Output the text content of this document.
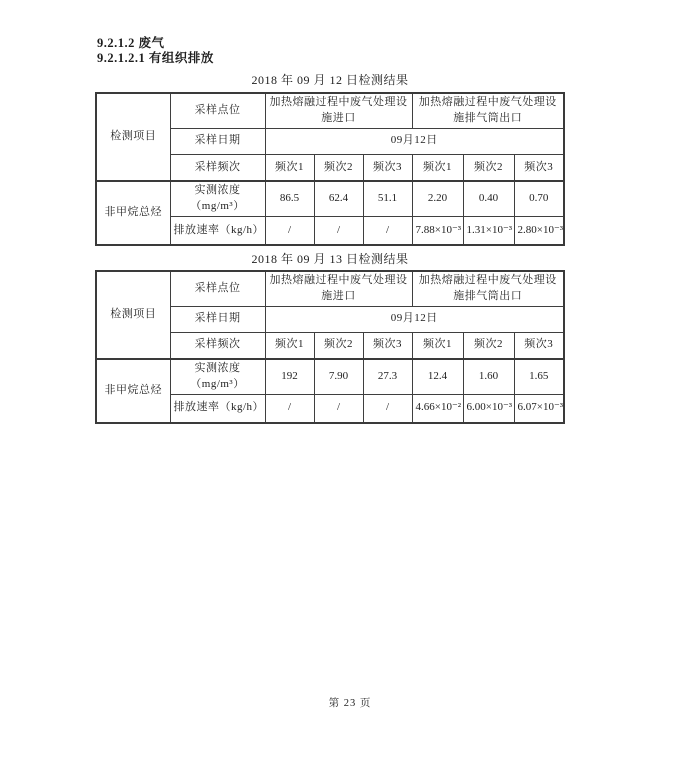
9.2.1.2 废气

9.2.1.2.1 有组织排放

2018 年 09 月 12 日检测结果
检测项目	采样点位	加热熔融过程中废气处理设施进口			加热熔融过程中废气处理设施排气筒出口		
	采样日期	09月12日					
	采样频次	频次1	频次2	频次3	频次1	频次2	频次3
非甲烷总烃	实测浓度（mg/m³）	86.5	62.4	51.1	2.20	0.40	0.70
	排放速率（kg/h）	/	/	/	7.88×10⁻³	1.31×10⁻³	2.80×10⁻³
2018 年 09 月 13 日检测结果
检测项目	采样点位	加热熔融过程中废气处理设施进口			加热熔融过程中废气处理设施排气筒出口		
	采样日期	09月12日					
	采样频次	频次1	频次2	频次3	频次1	频次2	频次3
非甲烷总烃	实测浓度（mg/m³）	192	7.90	27.3	12.4	1.60	1.65
	排放速率（kg/h）	/	/	/	4.66×10⁻²	6.00×10⁻³	6.07×10⁻³
第 23 页
